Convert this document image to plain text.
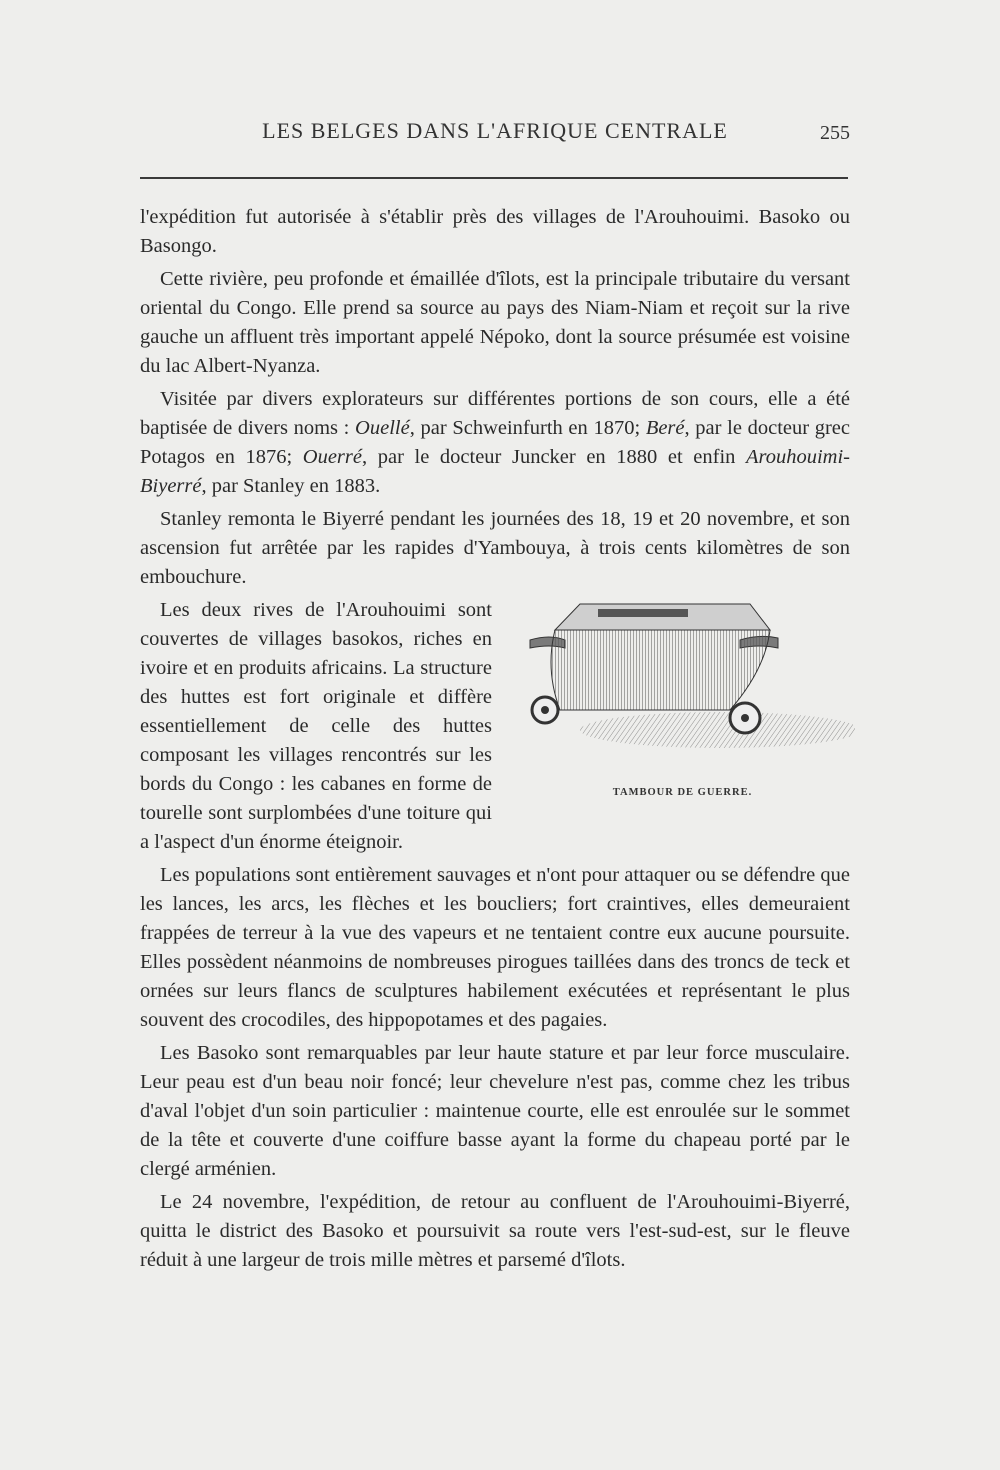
LES BELGES DANS L'AFRIQUE CENTRALE	255

l'expédition fut autorisée à s'établir près des villages de l'Arouhouimi. Basoko ou Basongo.

Cette rivière, peu profonde et émaillée d'îlots, est la principale tributaire du versant oriental du Congo. Elle prend sa source au pays des Niam-Niam et reçoit sur la rive gauche un affluent très important appelé Népoko, dont la source présumée est voisine du lac Albert-Nyanza.

Visitée par divers explorateurs sur différentes portions de son cours, elle a été baptisée de divers noms : Ouellé, par Schweinfurth en 1870; Beré, par le docteur grec Potagos en 1876; Ouerré, par le docteur Juncker en 1880 et enfin Arouhouimi-Biyerré, par Stanley en 1883.

Stanley remonta le Biyerré pendant les journées des 18, 19 et 20 novembre, et son ascension fut arrêtée par les rapides d'Yambouya, à trois cents kilomètres de son embouchure.

TAMBOUR DE GUERRE.

Les deux rives de l'Arouhouimi sont couvertes de villages basokos, riches en ivoire et en produits africains. La structure des huttes est fort originale et diffère essentiellement de celle des huttes composant les villages rencontrés sur les bords du Congo : les cabanes en forme de tourelle sont surplombées d'une toiture qui a l'aspect d'un énorme éteignoir.

Les populations sont entièrement sauvages et n'ont pour attaquer ou se défendre que les lances, les arcs, les flèches et les boucliers; fort craintives, elles demeuraient frappées de terreur à la vue des vapeurs et ne tentaient contre eux aucune poursuite. Elles possèdent néanmoins de nombreuses pirogues taillées dans des troncs de teck et ornées sur leurs flancs de sculptures habilement exécutées et représentant le plus souvent des crocodiles, des hippopotames et des pagaies.

Les Basoko sont remarquables par leur haute stature et par leur force musculaire. Leur peau est d'un beau noir foncé; leur chevelure n'est pas, comme chez les tribus d'aval l'objet d'un soin particulier : maintenue courte, elle est enroulée sur le sommet de la tête et couverte d'une coiffure basse ayant la forme du chapeau porté par le clergé arménien.

Le 24 novembre, l'expédition, de retour au confluent de l'Arouhouimi-Biyerré, quitta le district des Basoko et poursuivit sa route vers l'est-sud-est, sur le fleuve réduit à une largeur de trois mille mètres et parsemé d'îlots.
